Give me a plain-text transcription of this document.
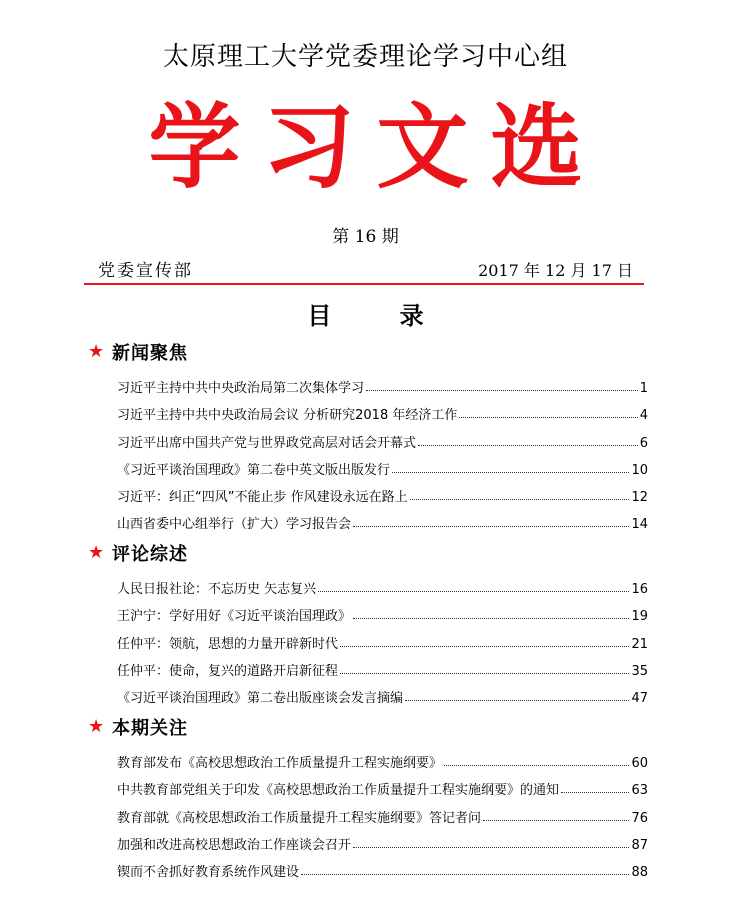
太原理工大学党委理论学习中心组
学习文选
第 16 期
党委宣传部	2017 年 12 月 17 日
目 录
★ 新闻聚焦
习近平主持中共中央政治局第二次集体学习	1
习近平主持中共中央政治局会议 分析研究2018 年经济工作	4
习近平出席中国共产党与世界政党高层对话会开幕式	6
《习近平谈治国理政》第二卷中英文版出版发行	10
习近平：纠正“四风”不能止步 作风建设永远在路上	12
山西省委中心组举行（扩大）学习报告会	14
★ 评论综述
人民日报社论：不忘历史 矢志复兴	16
王沪宁：学好用好《习近平谈治国理政》	19
任仲平：领航，思想的力量开辟新时代	21
任仲平：使命，复兴的道路开启新征程	35
《习近平谈治国理政》第二卷出版座谈会发言摘编	47
★ 本期关注
教育部发布《高校思想政治工作质量提升工程实施纲要》	60
中共教育部党组关于印发《高校思想政治工作质量提升工程实施纲要》的通知	63
教育部就《高校思想政治工作质量提升工程实施纲要》答记者问	76
加强和改进高校思想政治工作座谈会召开	87
锲而不舍抓好教育系统作风建设	88
